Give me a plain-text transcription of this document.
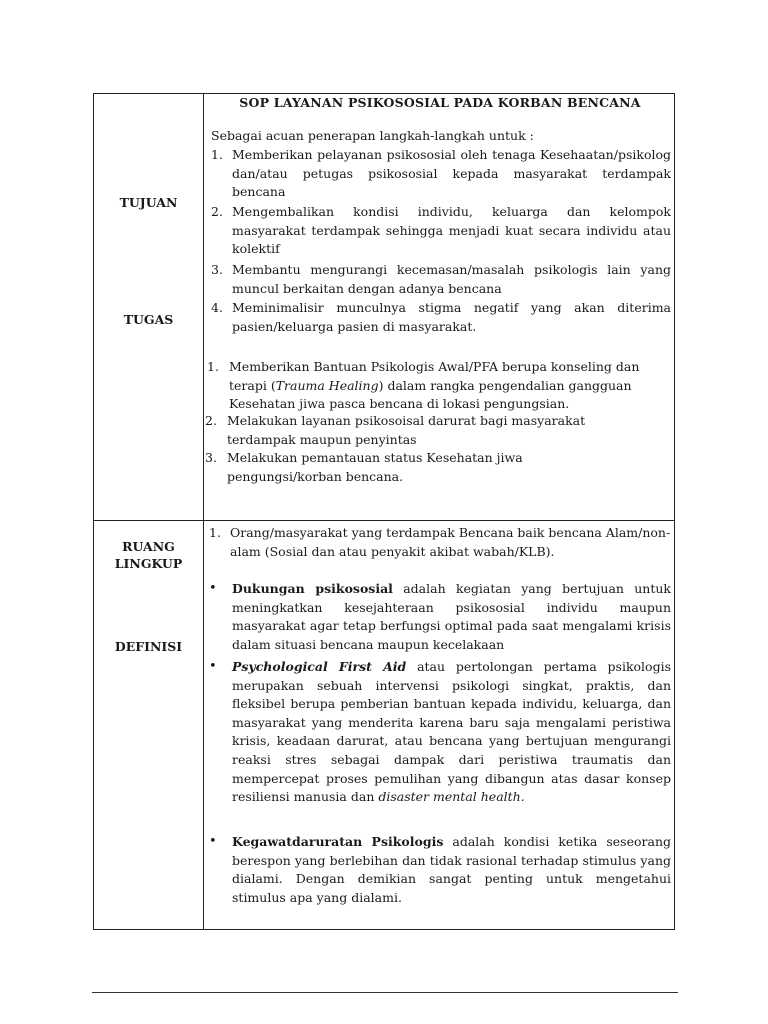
TUJUAN
TUGAS
RUANG
LINGKUP
DEFINISI
SOP LAYANAN PSIKOSOSIAL PADA KORBAN BENCANA
Sebagai acuan penerapan langkah-langkah untuk :
1. Memberikan pelayanan psikososial oleh tenaga Kesehaatan/psikolog dan/atau petugas psikososial kepada masyarakat terdampak bencana
2. Mengembalikan kondisi individu, keluarga dan kelompok masyarakat terdampak sehingga menjadi kuat secara individu atau kolektif
3. Membantu mengurangi kecemasan/masalah psikologis lain yang muncul berkaitan dengan adanya bencana
4. Meminimalisir munculnya stigma negatif yang akan diterima pasien/keluarga pasien di masyarakat.
1. Memberikan Bantuan Psikologis Awal/PFA berupa konseling dan terapi (Trauma Healing) dalam rangka pengendalian gangguan Kesehatan jiwa pasca bencana di lokasi pengungsian.
2. Melakukan layanan psikosoisal darurat bagi masyarakat terdampak maupun penyintas
3. Melakukan pemantauan status Kesehatan jiwa pengungsi/korban bencana.
1. Orang/masyarakat yang terdampak Bencana baik bencana Alam/non-alam (Sosial dan atau penyakit akibat wabah/KLB).
• Dukungan psikososial adalah kegiatan yang bertujuan untuk meningkatkan kesejahteraan psikososial individu maupun masyarakat agar tetap berfungsi optimal pada saat mengalami krisis dalam situasi bencana maupun kecelakaan
• Psychological First Aid atau pertolongan pertama psikologis merupakan sebuah intervensi psikologi singkat, praktis, dan fleksibel berupa pemberian bantuan kepada individu, keluarga, dan masyarakat yang menderita karena baru saja mengalami peristiwa krisis, keadaan darurat, atau bencana yang bertujuan mengurangi reaksi stres sebagai dampak dari peristiwa traumatis dan mempercepat proses pemulihan yang dibangun atas dasar konsep resiliensi manusia dan disaster mental health.
• Kegawatdaruratan Psikologis adalah kondisi ketika seseorang berespon yang berlebihan dan tidak rasional terhadap stimulus yang dialami. Dengan demikian sangat penting untuk mengetahui stimulus apa yang dialami.
